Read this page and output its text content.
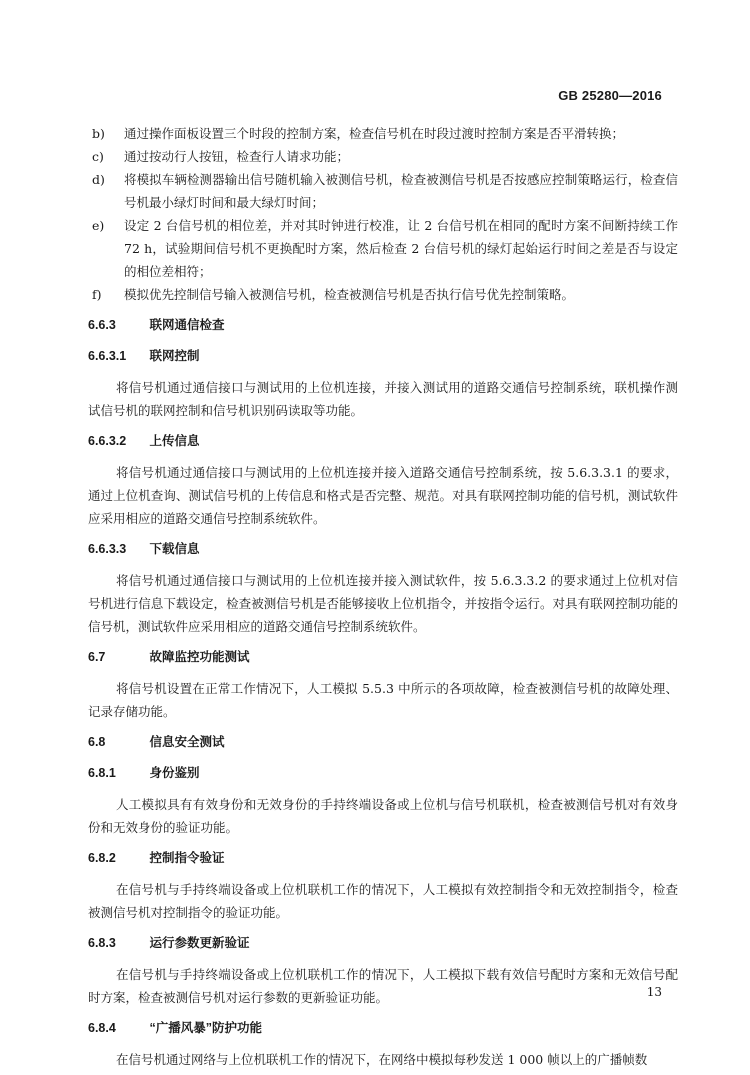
GB 25280—2016
b)	通过操作面板设置三个时段的控制方案，检查信号机在时段过渡时控制方案是否平滑转换；
c)	通过按动行人按钮，检查行人请求功能；
d)	将模拟车辆检测器输出信号随机输入被测信号机，检查被测信号机是否按感应控制策略运行，检查信号机最小绿灯时间和最大绿灯时间；
e)	设定 2 台信号机的相位差，并对其时钟进行校准，让 2 台信号机在相同的配时方案不间断持续工作 72 h，试验期间信号机不更换配时方案，然后检查 2 台信号机的绿灯起始运行时间之差是否与设定的相位差相符；
f)	模拟优先控制信号输入被测信号机，检查被测信号机是否执行信号优先控制策略。
6.6.3	联网通信检查
6.6.3.1 联网控制
将信号机通过通信接口与测试用的上位机连接，并接入测试用的道路交通信号控制系统，联机操作测试信号机的联网控制和信号机识别码读取等功能。
6.6.3.2 上传信息
将信号机通过通信接口与测试用的上位机连接并接入道路交通信号控制系统，按 5.6.3.3.1 的要求，通过上位机查询、测试信号机的上传信息和格式是否完整、规范。对具有联网控制功能的信号机，测试软件应采用相应的道路交通信号控制系统软件。
6.6.3.3 下载信息
将信号机通过通信接口与测试用的上位机连接并接入测试软件，按 5.6.3.3.2 的要求通过上位机对信号机进行信息下载设定，检查被测信号机是否能够接收上位机指令，并按指令运行。对具有联网控制功能的信号机，测试软件应采用相应的道路交通信号控制系统软件。
6.7	故障监控功能测试
将信号机设置在正常工作情况下，人工模拟 5.5.3 中所示的各项故障，检查被测信号机的故障处理、记录存储功能。
6.8	信息安全测试
6.8.1	身份鉴别
人工模拟具有有效身份和无效身份的手持终端设备或上位机与信号机联机，检查被测信号机对有效身份和无效身份的验证功能。
6.8.2	控制指令验证
在信号机与手持终端设备或上位机联机工作的情况下，人工模拟有效控制指令和无效控制指令，检查被测信号机对控制指令的验证功能。
6.8.3	运行参数更新验证
在信号机与手持终端设备或上位机联机工作的情况下，人工模拟下载有效信号配时方案和无效信号配时方案，检查被测信号机对运行参数的更新验证功能。
6.8.4	“广播风暴”防护功能
在信号机通过网络与上位机联机工作的情况下，在网络中模拟每秒发送 1 000 帧以上的广播帧数
13
